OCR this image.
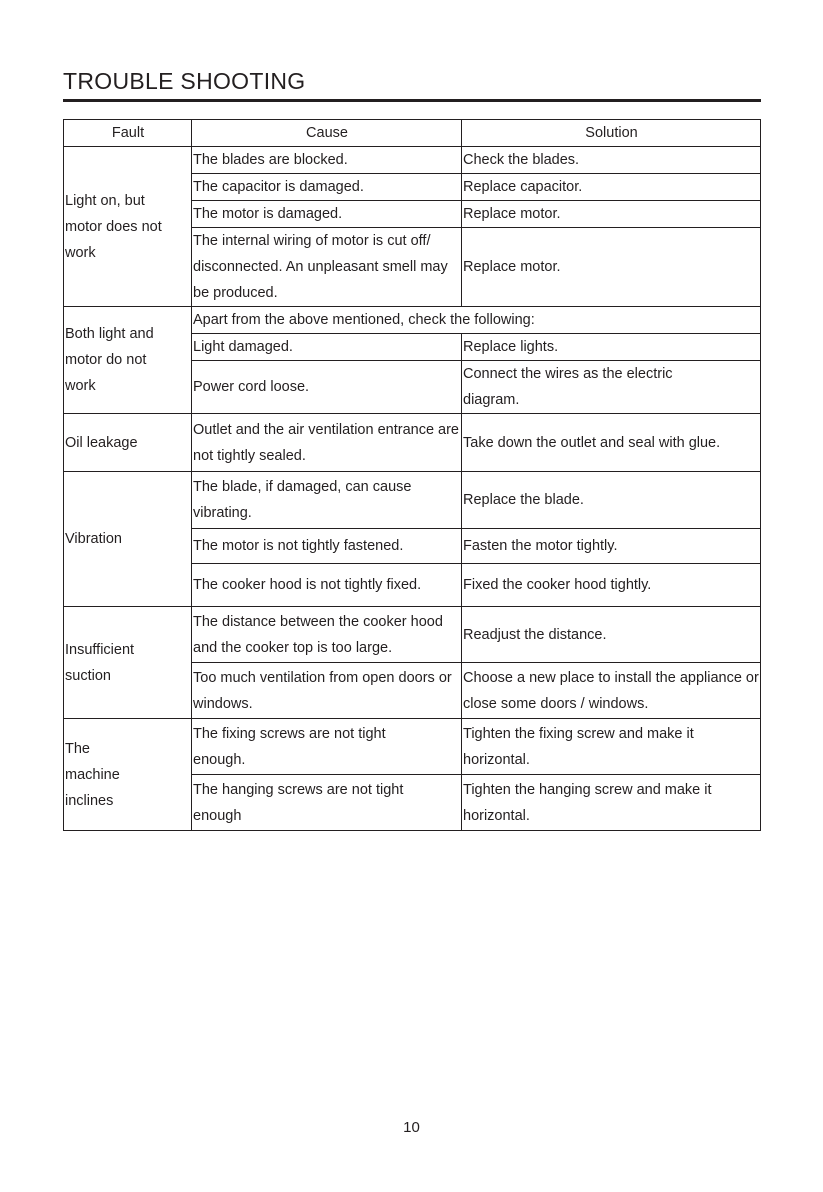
TROUBLE SHOOTING
Fault	Cause	Solution
Light on, but motor does not work	The blades are blocked.	Check the blades.
	The capacitor is damaged.	Replace capacitor.
	The motor is damaged.	Replace motor.
	The internal wiring of motor is cut off/ disconnected. An unpleasant smell may be produced.	Replace motor.
Both light and motor do not work	Apart from the above mentioned, check the following:	
	Light damaged.	Replace lights.
	Power cord loose.	Connect the wires as the electric diagram.
Oil leakage	Outlet and the air ventilation entrance are not tightly sealed.	Take down the outlet and seal with glue.
Vibration	The blade, if damaged, can cause vibrating.	Replace the blade.
	The motor is not tightly fastened.	Fasten the motor tightly.
	The cooker hood is not tightly fixed.	Fixed the cooker hood tightly.
Insufficient suction	The distance between the cooker hood and the cooker top is too large.	Readjust the distance.
	Too much ventilation from open doors or windows.	Choose a new place to install the appliance or close some doors / windows.
The machine inclines	The fixing screws are not tight enough.	Tighten the fixing screw and make it horizontal.
	The hanging screws are not tight enough	Tighten the hanging screw and make it horizontal.
10
